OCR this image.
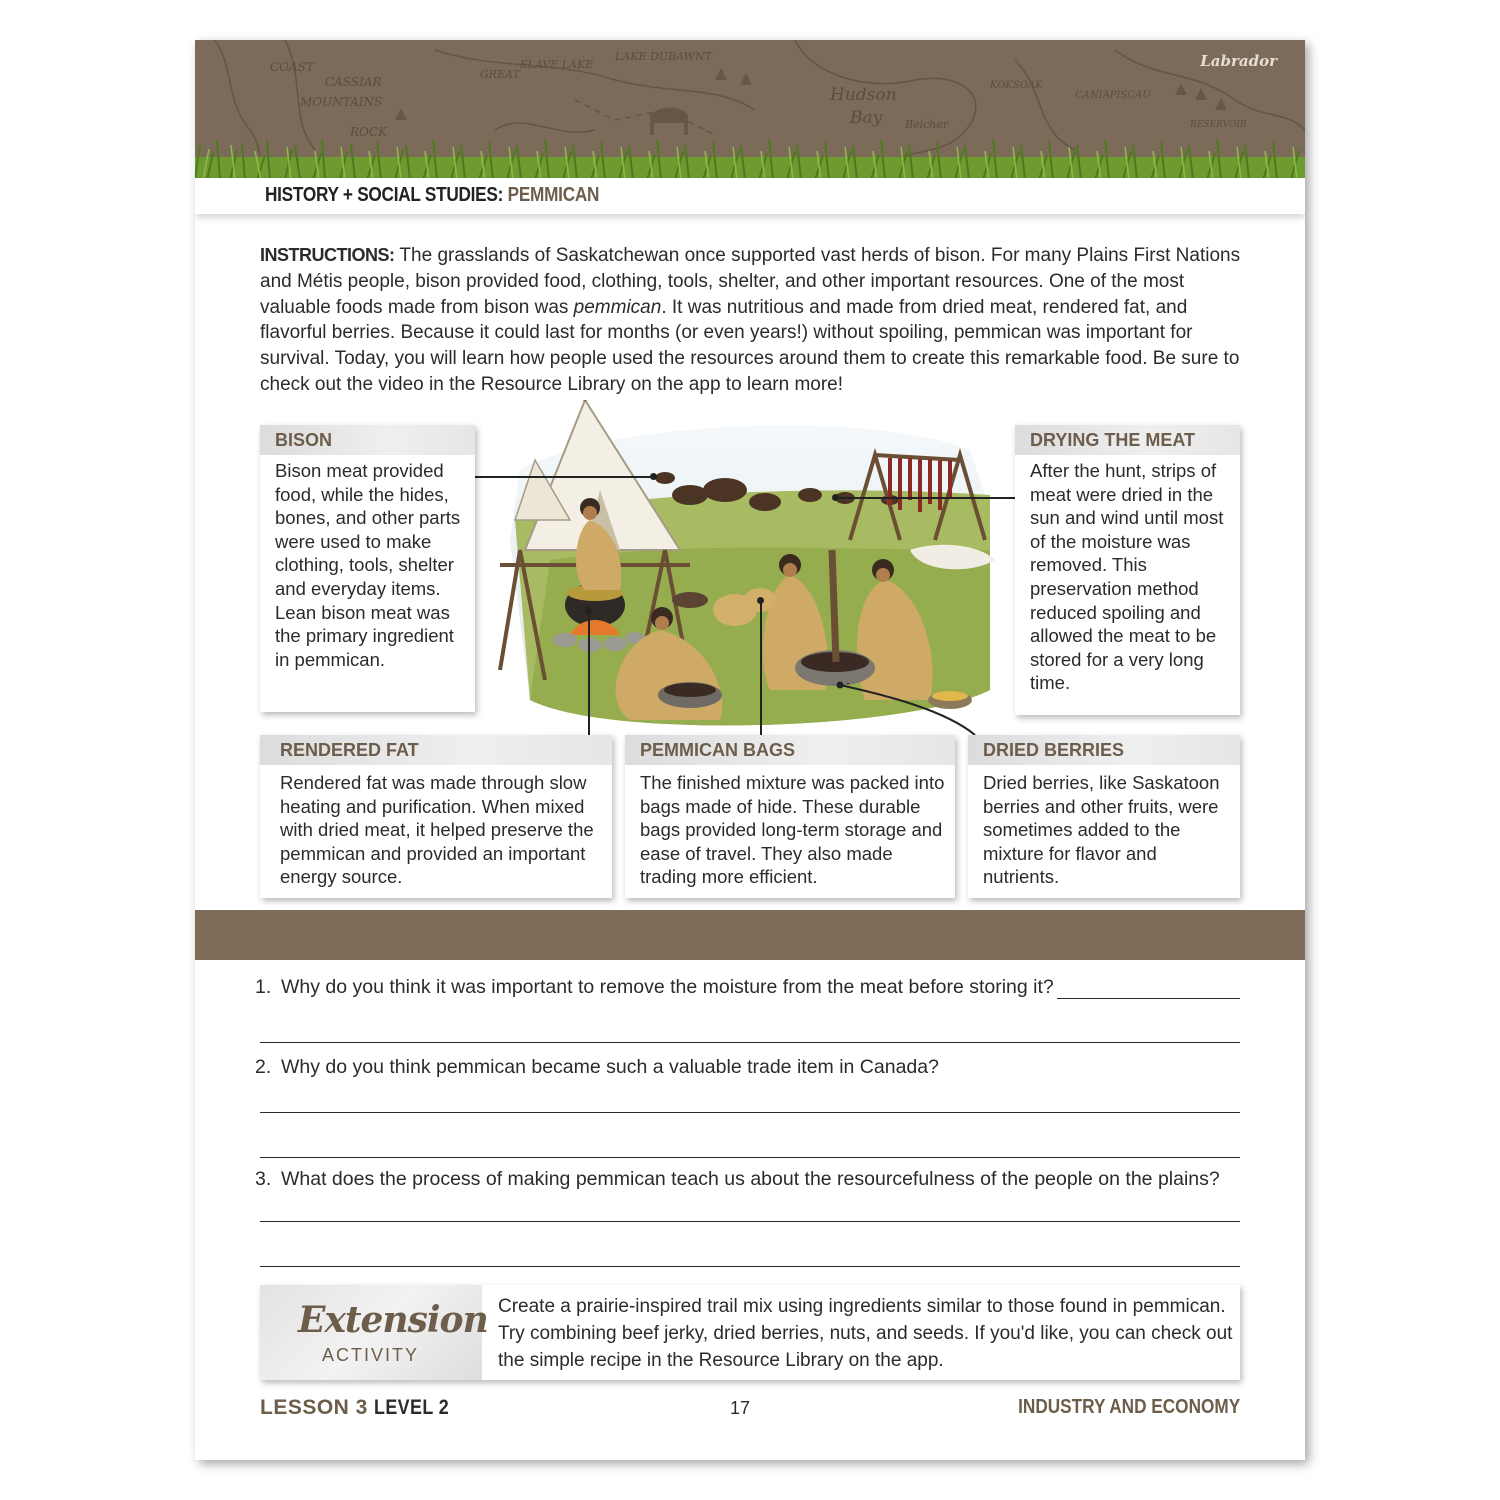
COAST
MOUNTAINS
CASSIAR
ROCK
GREAT
SLAVE LAKE
LAKE DUBAWNT
Hudson
Bay Belcher
KOKSOAK
CANIAPISCAU
RESERVOIR
Labrador
HISTORY + SOCIAL STUDIES: PEMMICAN
INSTRUCTIONS: The grasslands of Saskatchewan once supported vast herds of bison. For many Plains First Nations and Métis people, bison provided food, clothing, tools, shelter, and other important resources. One of the most valuable foods made from bison was pemmican. It was nutritious and made from dried meat, rendered fat, and flavorful berries. Because it could last for months (or even years!) without spoiling, pemmican was important for survival. Today, you will learn how people used the resources around them to create this remarkable food. Be sure to check out the video in the Resource Library on the app to learn more!
BISON
Bison meat provided food, while the hides, bones, and other parts were used to make clothing, tools, shelter and everyday items. Lean bison meat was the primary ingredient in pemmican.
DRYING THE MEAT
After the hunt, strips of meat were dried in the sun and wind until most of the moisture was removed. This preservation method reduced spoiling and allowed the meat to be stored for a very long time.
RENDERED FAT
Rendered fat was made through slow heating and purification. When mixed with dried meat, it helped preserve the pemmican and provided an important energy source.
PEMMICAN BAGS
The finished mixture was packed into bags made of hide. These durable bags provided long-term storage and ease of travel. They also made trading more efficient.
DRIED BERRIES
Dried berries, like Saskatoon berries and other fruits, were sometimes added to the mixture for flavor and nutrients.
1. Why do you think it was important to remove the moisture from the meat before storing it?
2. Why do you think pemmican became such a valuable trade item in Canada?
3. What does the process of making pemmican teach us about the resourcefulness of the people on the plains?
Extension
ACTIVITY
Create a prairie-inspired trail mix using ingredients similar to those found in pemmican. Try combining beef jerky, dried berries, nuts, and seeds. If you'd like, you can check out the simple recipe in the Resource Library on the app.
LESSON 3 LEVEL 2	17	INDUSTRY AND ECONOMY
